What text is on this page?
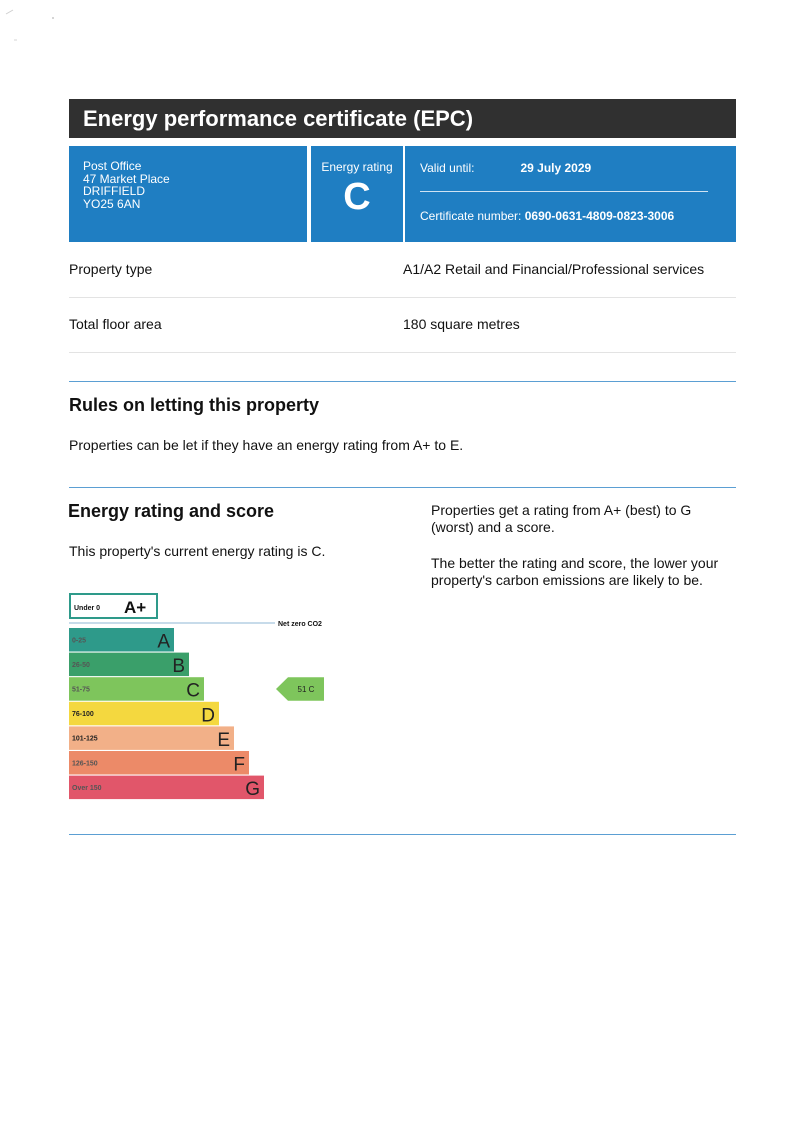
Energy performance certificate (EPC)
Post Office
47 Market Place
DRIFFIELD
YO25 6AN
Energy rating
C
Valid until:	29 July 2029
Certificate number: 0690-0631-4809-0823-3006
Property type	A1/A2 Retail and Financial/Professional services
Total floor area	180 square metres
Rules on letting this property
Properties can be let if they have an energy rating from A+ to E.
Energy rating and score
This property's current energy rating is C.
Properties get a rating from A+ (best) to G (worst) and a score.
The better the rating and score, the lower your property's carbon emissions are likely to be.
Under 0 A+
Net zero CO2
0-25	A
26-50	B
51-75	C
76-100	D
101-125	E
126-150	F
Over 150	G
51 C
